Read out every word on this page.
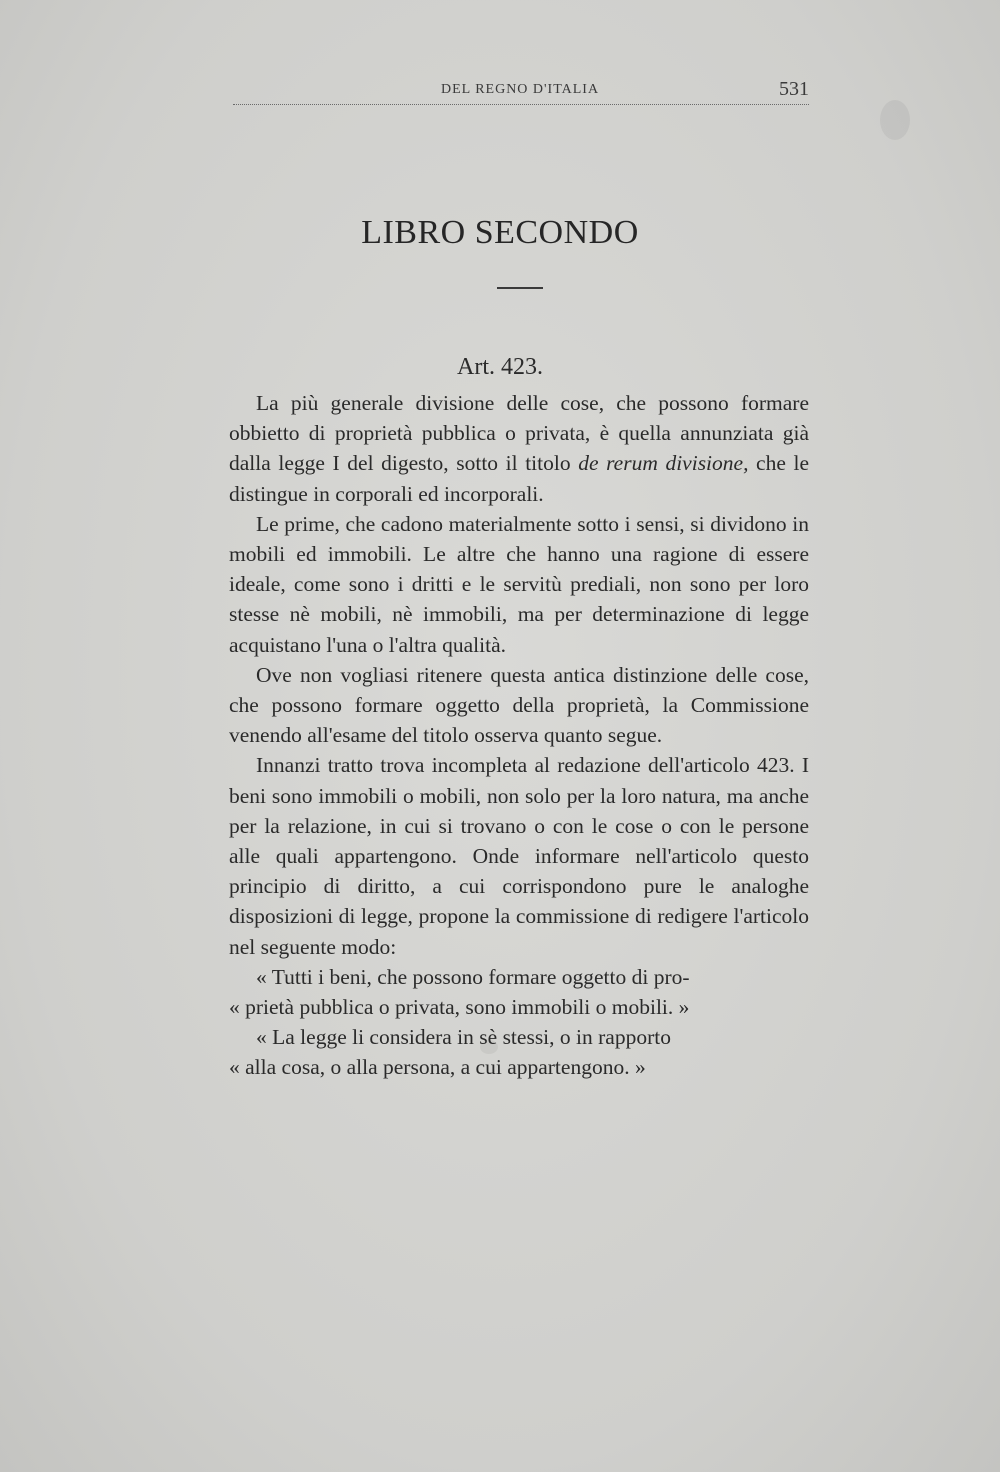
DEL REGNO D'ITALIA	531
LIBRO SECONDO
Art. 423.

La più generale divisione delle cose, che possono formare obbietto di proprietà pubblica o privata, è quella annunziata già dalla legge I del digesto, sotto il titolo de rerum divisione, che le distingue in corporali ed incorporali.

Le prime, che cadono materialmente sotto i sensi, si dividono in mobili ed immobili. Le altre che hanno una ragione di essere ideale, come sono i dritti e le servitù prediali, non sono per loro stesse nè mobili, nè immobili, ma per determinazione di legge acquistano l'una o l'altra qualità.

Ove non vogliasi ritenere questa antica distinzione delle cose, che possono formare oggetto della proprietà, la Commissione venendo all'esame del titolo osserva quanto segue.

Innanzi tratto trova incompleta al redazione dell'articolo 423. I beni sono immobili o mobili, non solo per la loro natura, ma anche per la relazione, in cui si trovano o con le cose o con le persone alle quali appartengono. Onde informare nell'articolo questo principio di diritto, a cui corrispondono pure le analoghe disposizioni di legge, propone la commissione di redigere l'articolo nel seguente modo:

« Tutti i beni, che possono formare oggetto di pro-
« prietà pubblica o privata, sono immobili o mobili. »

« La legge li considera in sè stessi, o in rapporto
« alla cosa, o alla persona, a cui appartengono. »
